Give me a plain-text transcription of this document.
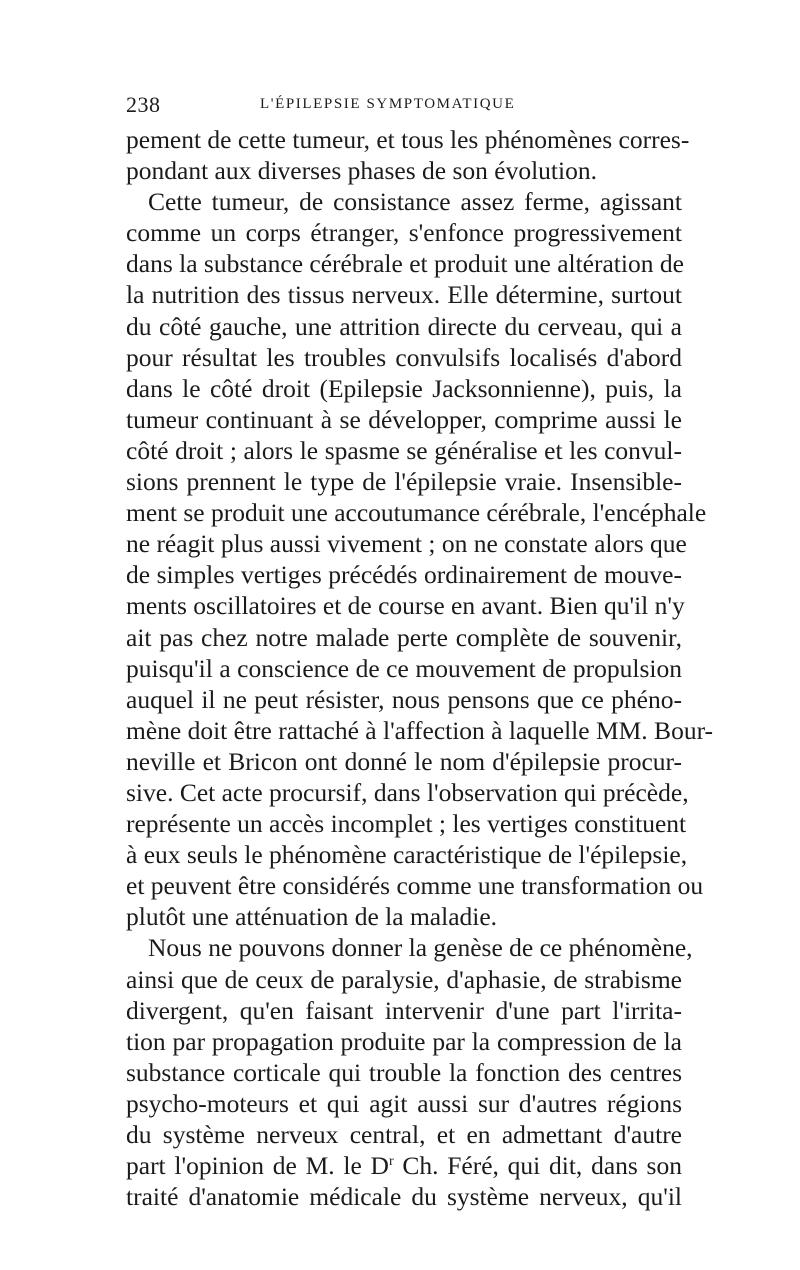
238	L'ÉPILEPSIE SYMPTOMATIQUE
pement de cette tumeur, et tous les phénomènes corres-
pondant aux diverses phases de son évolution.
Cette tumeur, de consistance assez ferme, agissant
comme un corps étranger, s'enfonce progressivement
dans la substance cérébrale et produit une altération de
la nutrition des tissus nerveux. Elle détermine, surtout
du côté gauche, une attrition directe du cerveau, qui a
pour résultat les troubles convulsifs localisés d'abord
dans le côté droit (Epilepsie Jacksonnienne), puis, la
tumeur continuant à se développer, comprime aussi le
côté droit ; alors le spasme se généralise et les convul-
sions prennent le type de l'épilepsie vraie. Insensible-
ment se produit une accoutumance cérébrale, l'encéphale
ne réagit plus aussi vivement ; on ne constate alors que
de simples vertiges précédés ordinairement de mouve-
ments oscillatoires et de course en avant. Bien qu'il n'y
ait pas chez notre malade perte complète de souvenir,
puisqu'il a conscience de ce mouvement de propulsion
auquel il ne peut résister, nous pensons que ce phéno-
mène doit être rattaché à l'affection à laquelle MM. Bour-
neville et Bricon ont donné le nom d'épilepsie procur-
sive. Cet acte procursif, dans l'observation qui précède,
représente un accès incomplet ; les vertiges constituent
à eux seuls le phénomène caractéristique de l'épilepsie,
et peuvent être considérés comme une transformation ou
plutôt une atténuation de la maladie.
Nous ne pouvons donner la genèse de ce phénomène,
ainsi que de ceux de paralysie, d'aphasie, de strabisme
divergent, qu'en faisant intervenir d'une part l'irrita-
tion par propagation produite par la compression de la
substance corticale qui trouble la fonction des centres
psycho-moteurs et qui agit aussi sur d'autres régions
du système nerveux central, et en admettant d'autre
part l'opinion de M. le $D^r$ Ch. Féré, qui dit, dans son
traité d'anatomie médicale du système nerveux, qu'il
